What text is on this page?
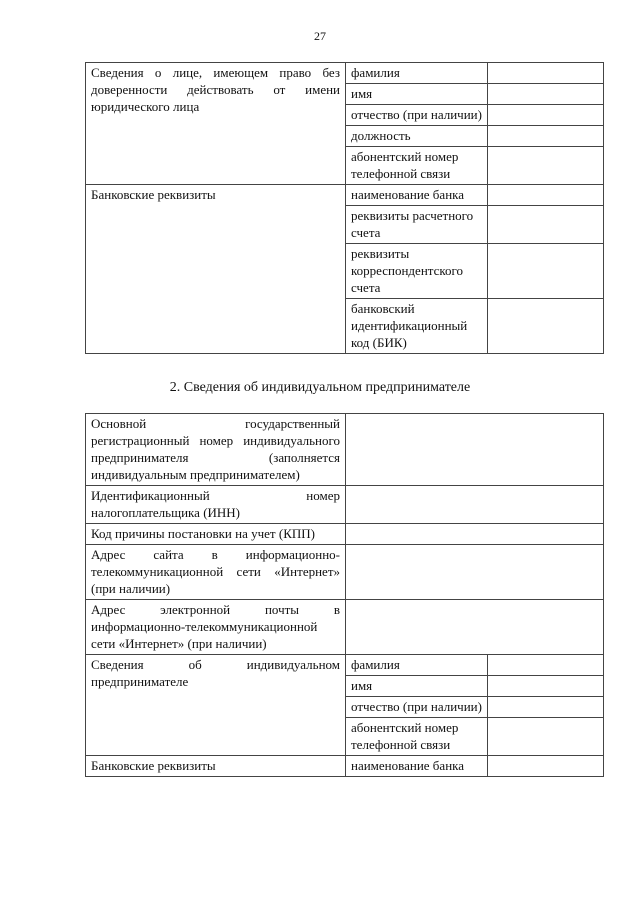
27
Сведения о лице, имеющем право без доверенности действовать от имени юридического лица	фамилия	
	имя	
	отчество (при наличии)	
	должность	
	абонентский номер телефонной связи	
Банковские реквизиты	наименование банка	
	реквизиты расчетного счета	
	реквизиты корреспондентского счета	
	банковский идентификационный код (БИК)	
2. Сведения об индивидуальном предпринимателе
Основной государственный регистрационный номер индивидуального предпринимателя (заполняется индивидуальным предпринимателем)		
Идентификационный номер налогоплательщика (ИНН)		
Код причины постановки на учет (КПП)		
Адрес сайта в информационно-телекоммуникационной сети «Интернет» (при наличии)		
Адрес электронной почты в информационно-телекоммуникационной сети «Интернет» (при наличии)		
Сведения об индивидуальном предпринимателе	фамилия	
	имя	
	отчество (при наличии)	
	абонентский номер телефонной связи	
Банковские реквизиты	наименование банка	
